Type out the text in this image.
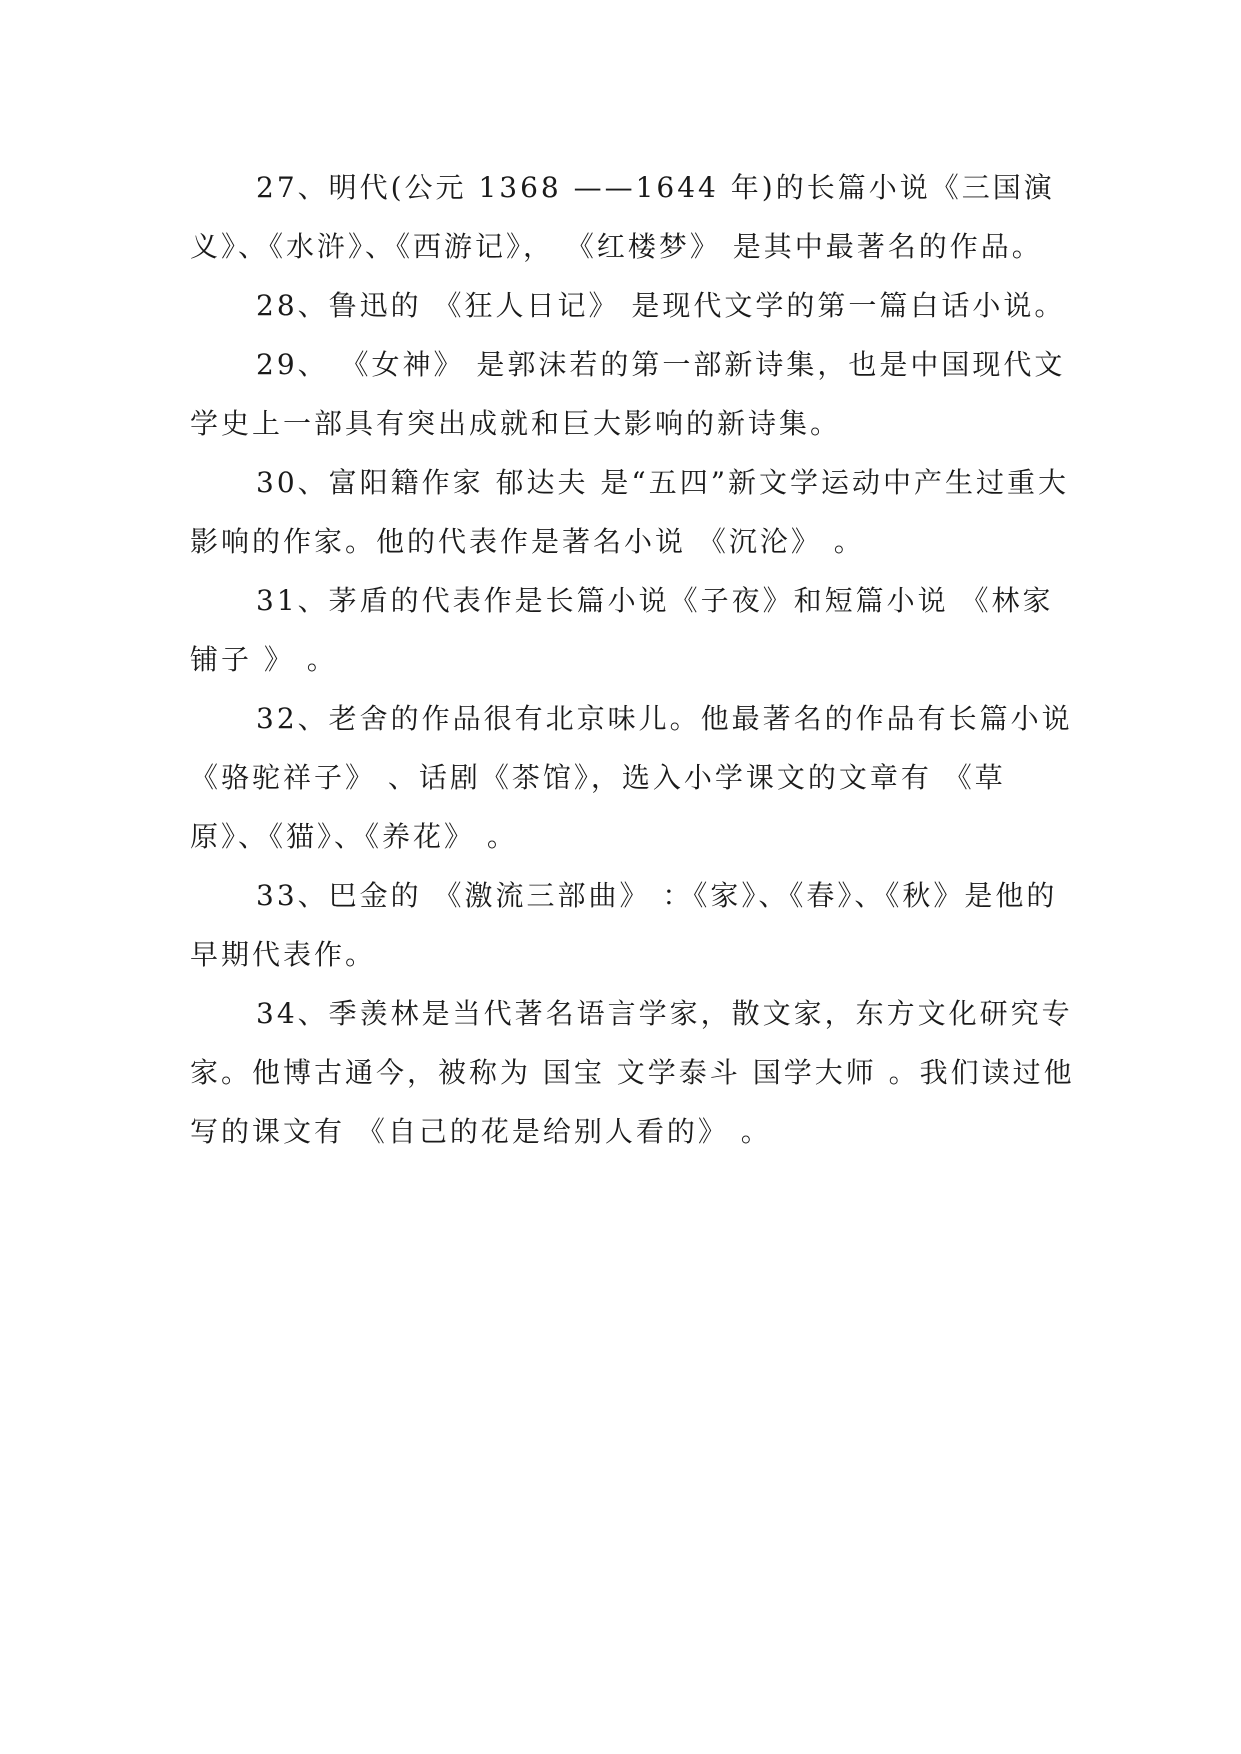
27、明代(公元 1368 ——1644 年)的长篇小说《三国演义》、《水浒》、《西游记》， 《红楼梦》 是其中最著名的作品。

28、鲁迅的 《狂人日记》 是现代文学的第一篇白话小说。

29、 《女神》 是郭沫若的第一部新诗集，也是中国现代文学史上一部具有突出成就和巨大影响的新诗集。

30、富阳籍作家 郁达夫 是“五四”新文学运动中产生过重大影响的作家。他的代表作是著名小说 《沉沦》 。

31、茅盾的代表作是长篇小说《子夜》和短篇小说 《林家铺子 》 。

32、老舍的作品很有北京味儿。他最著名的作品有长篇小说 《骆驼祥子》 、话剧《茶馆》，选入小学课文的文章有 《草原》、《猫》、《养花》 。

33、巴金的 《激流三部曲》 ：《家》、《春》、《秋》是他的早期代表作。

34、季羡林是当代著名语言学家，散文家，东方文化研究专家。他博古通今，被称为 国宝 文学泰斗 国学大师 。我们读过他写的课文有 《自己的花是给别人看的》 。
